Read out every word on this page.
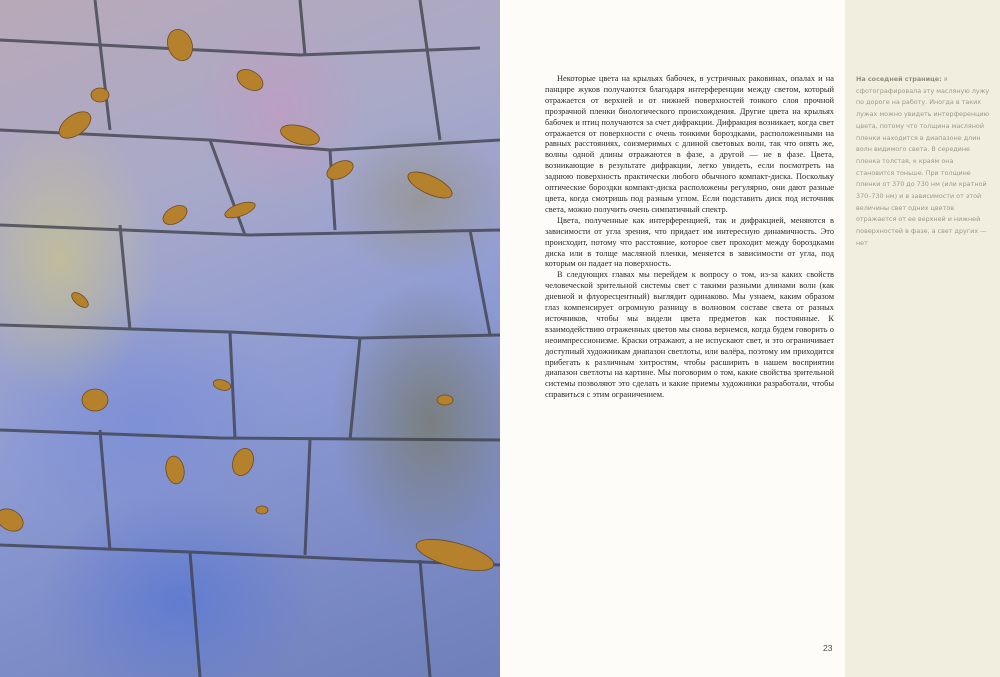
Некоторые цвета на крыльях бабочек, в устричных раковинах, опалах и на панцире жуков получаются благодаря интерференции между светом, который отражается от верхней и от нижней поверхностей тонкого слоя прочной прозрачной пленки биологического происхождения. Другие цвета на крыльях бабочек и птиц получаются за счет дифракции. Дифракция возникает, когда свет отражается от поверхности с очень тонкими бороздками, расположенными на равных расстояниях, соизмеримых с длиной световых волн, так что опять же, волны одной длины отражаются в фазе, а другой — не в фазе. Цвета, возникающие в результате дифракции, легко увидеть, если посмотреть на заднюю поверхность практически любого обычного компакт-диска. Поскольку оптические бороздки компакт-диска расположены регулярно, они дают разные цвета, когда смотришь под разным углом. Если подставить диск под источник света, можно получить очень симпатичный спектр.

Цвета, полученные как интерференцией, так и дифракцией, меняются в зависимости от угла зрения, что придает им интересную динамичность. Это происходит, потому что расстояние, которое свет проходит между бороздками диска или в толще масляной пленки, меняется в зависимости от угла, под которым он падает на поверхность.

В следующих главах мы перейдем к вопросу о том, из-за каких свойств человеческой зрительной системы свет с такими разными длинами волн (как дневной и флуоресцентный) выглядит одинаково. Мы узнаем, каким образом глаз компенсирует огромную разницу в волновом составе света от разных источников, чтобы мы видели цвета предметов как постоянные. К взаимодействию отраженных цветов мы снова вернемся, когда будем говорить о неоимпрессионизме. Краски отражают, а не испускают свет, и это ограничивает доступный художникам диапазон светлоты, или валёра, поэтому им приходится прибегать к различным хитростям, чтобы расширить в нашем восприятии диапазон светлоты на картине. Мы поговорим о том, какие свойства зрительной системы позволяют это сделать и какие приемы художники разработали, чтобы справиться с этим ограничением.

23
На соседней странице: я сфотографировала эту масляную лужу по дороге на работу. Иногда в таких лужах можно увидеть интерференцию цвета, потому что толщина масляной пленки находится в диапазоне длин волн видимого света. В середине пленка толстая, к краям она становится тоньше. При толщине пленки от 370 до 730 нм (или кратной 370–730 нм) и в зависимости от этой величины свет одних цветов отражается от ее верхней и нижней поверхностей в фазе, а свет других — нет
